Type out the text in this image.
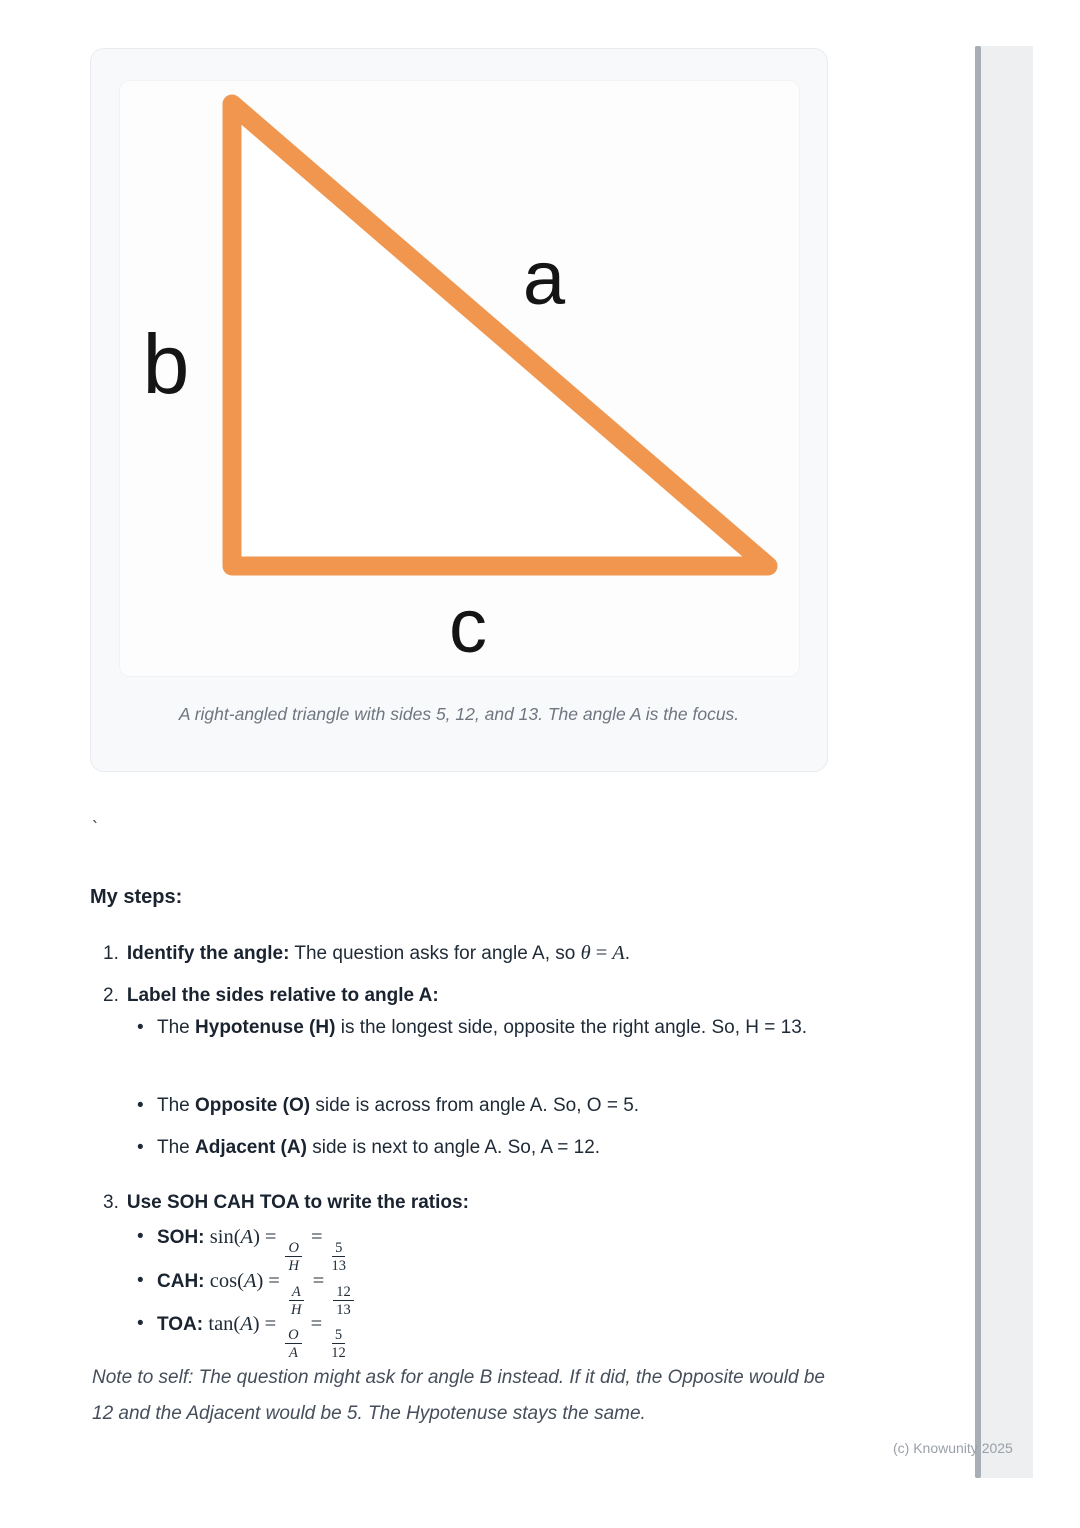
a
b
c
A right-angled triangle with sides 5, 12, and 13. The angle A is the focus.
`
My steps:
1. Identify the angle: The question asks for angle A, so θ = A.
2. Label the sides relative to angle A:
• The Hypotenuse (H) is the longest side, opposite the right angle. So, H = 13.
• The Opposite (O) side is across from angle A. So, O = 5.
• The Adjacent (A) side is next to angle A. So, A = 12.
3. Use SOH CAH TOA to write the ratios:
• SOH: sin(A) =
$\frac{O}{H}$
=
$\frac{5}{13}$
• CAH: cos(A) =
$\frac{A}{H}$
=
$\frac{12}{13}$
• TOA: tan(A) =
$\frac{O}{A}$
=
$\frac{5}{12}$
Note to self: The question might ask for angle B instead. If it did, the Opposite would be 12 and the Adjacent would be 5. The Hypotenuse stays the same.
(c) Knowunity 2025
